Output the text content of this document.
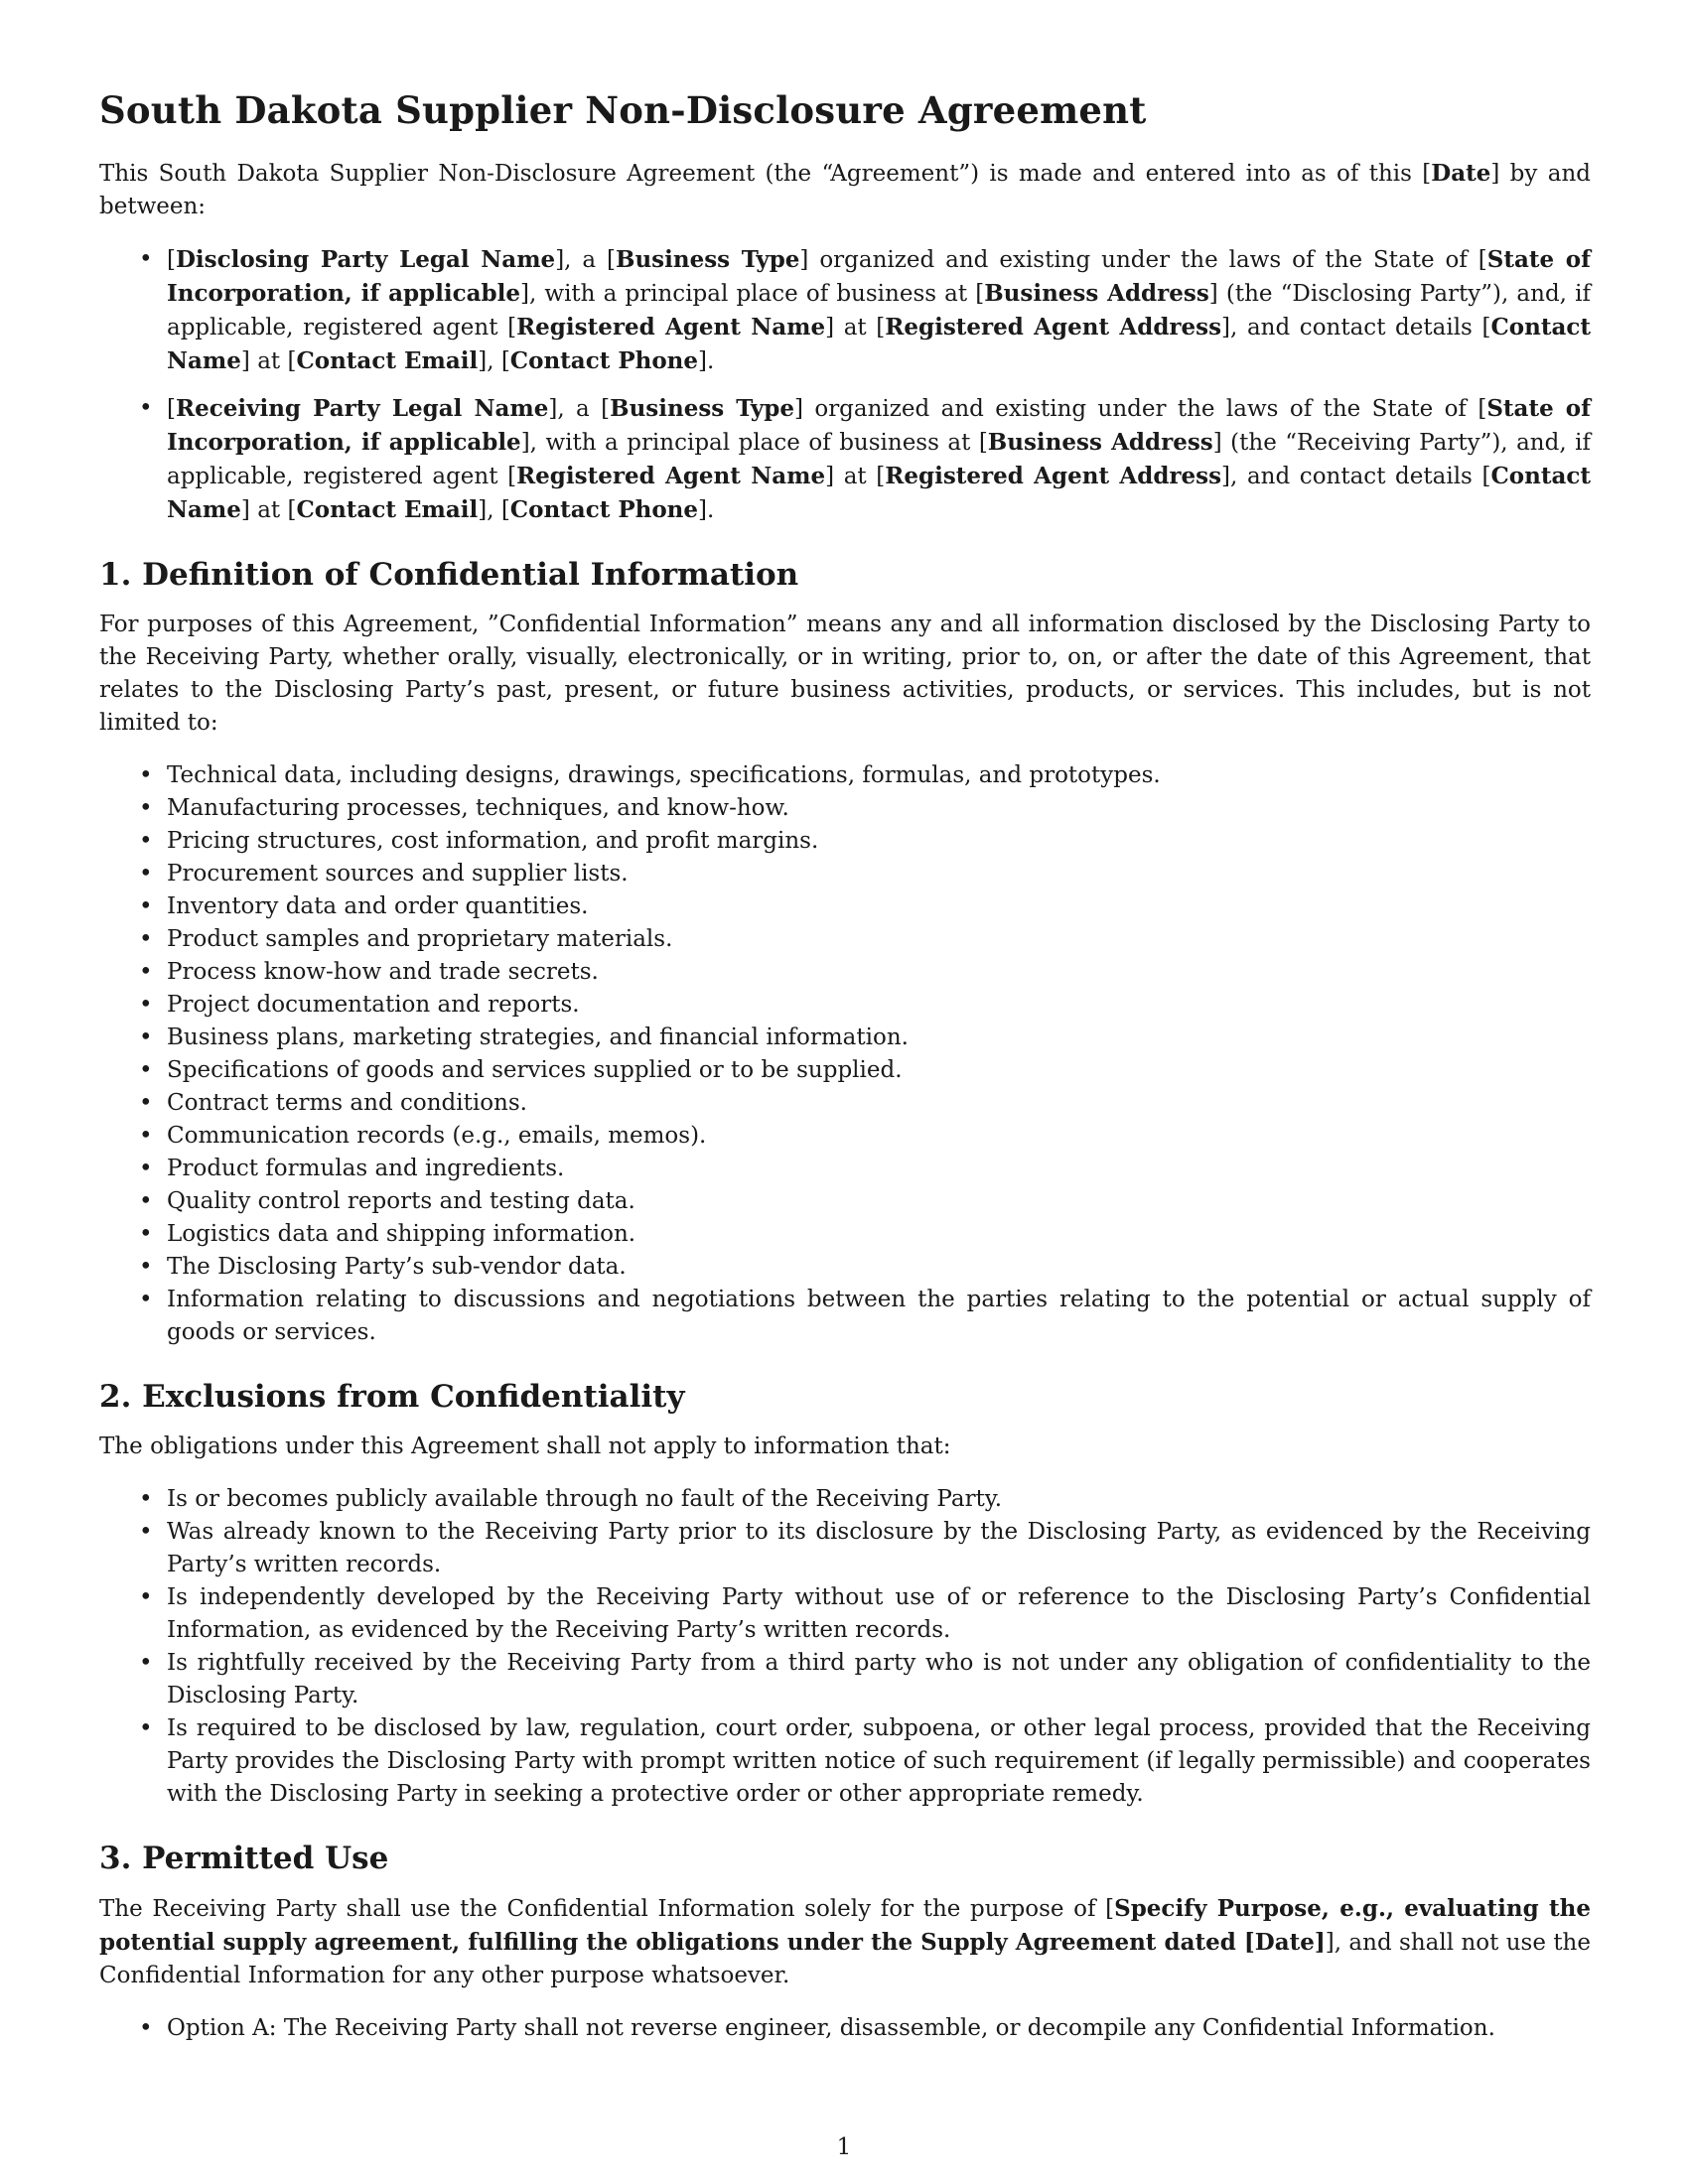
South Dakota Supplier Non-Disclosure Agreement

This South Dakota Supplier Non-Disclosure Agreement (the “Agreement”) is made and entered into as of this [Date] by and between:

• [Disclosing Party Legal Name], a [Business Type] organized and existing under the laws of the State of [State of Incorporation, if applicable], with a principal place of business at [Business Address] (the “Disclosing Party”), and, if applicable, registered agent [Registered Agent Name] at [Registered Agent Address], and contact details [Contact Name] at [Contact Email], [Contact Phone].
• [Receiving Party Legal Name], a [Business Type] organized and existing under the laws of the State of [State of Incorporation, if applicable], with a principal place of business at [Business Address] (the “Receiving Party”), and, if applicable, registered agent [Registered Agent Name] at [Registered Agent Address], and contact details [Contact Name] at [Contact Email], [Contact Phone].
1. Definition of Confidential Information

For purposes of this Agreement, ”Confidential Information” means any and all information disclosed by the Disclosing Party to the Receiving Party, whether orally, visually, electronically, or in writing, prior to, on, or after the date of this Agreement, that relates to the Disclosing Party’s past, present, or future business activities, products, or services. This includes, but is not limited to:

• Technical data, including designs, drawings, specifications, formulas, and prototypes.
• Manufacturing processes, techniques, and know-how.
• Pricing structures, cost information, and profit margins.
• Procurement sources and supplier lists.
• Inventory data and order quantities.
• Product samples and proprietary materials.
• Process know-how and trade secrets.
• Project documentation and reports.
• Business plans, marketing strategies, and financial information.
• Specifications of goods and services supplied or to be supplied.
• Contract terms and conditions.
• Communication records (e.g., emails, memos).
• Product formulas and ingredients.
• Quality control reports and testing data.
• Logistics data and shipping information.
• The Disclosing Party’s sub-vendor data.
• Information relating to discussions and negotiations between the parties relating to the potential or actual supply of goods or services.
2. Exclusions from Confidentiality

The obligations under this Agreement shall not apply to information that:

• Is or becomes publicly available through no fault of the Receiving Party.
• Was already known to the Receiving Party prior to its disclosure by the Disclosing Party, as evidenced by the Receiving Party’s written records.
• Is independently developed by the Receiving Party without use of or reference to the Disclosing Party’s Confidential Information, as evidenced by the Receiving Party’s written records.
• Is rightfully received by the Receiving Party from a third party who is not under any obligation of confidentiality to the Disclosing Party.
• Is required to be disclosed by law, regulation, court order, subpoena, or other legal process, provided that the Receiving Party provides the Disclosing Party with prompt written notice of such requirement (if legally permissible) and cooperates with the Disclosing Party in seeking a protective order or other appropriate remedy.
3. Permitted Use

The Receiving Party shall use the Confidential Information solely for the purpose of [Specify Purpose, e.g., evaluating the potential supply agreement, fulfilling the obligations under the Supply Agreement dated [Date]], and shall not use the Confidential Information for any other purpose whatsoever.

• Option A: The Receiving Party shall not reverse engineer, disassemble, or decompile any Confidential Information.
1
